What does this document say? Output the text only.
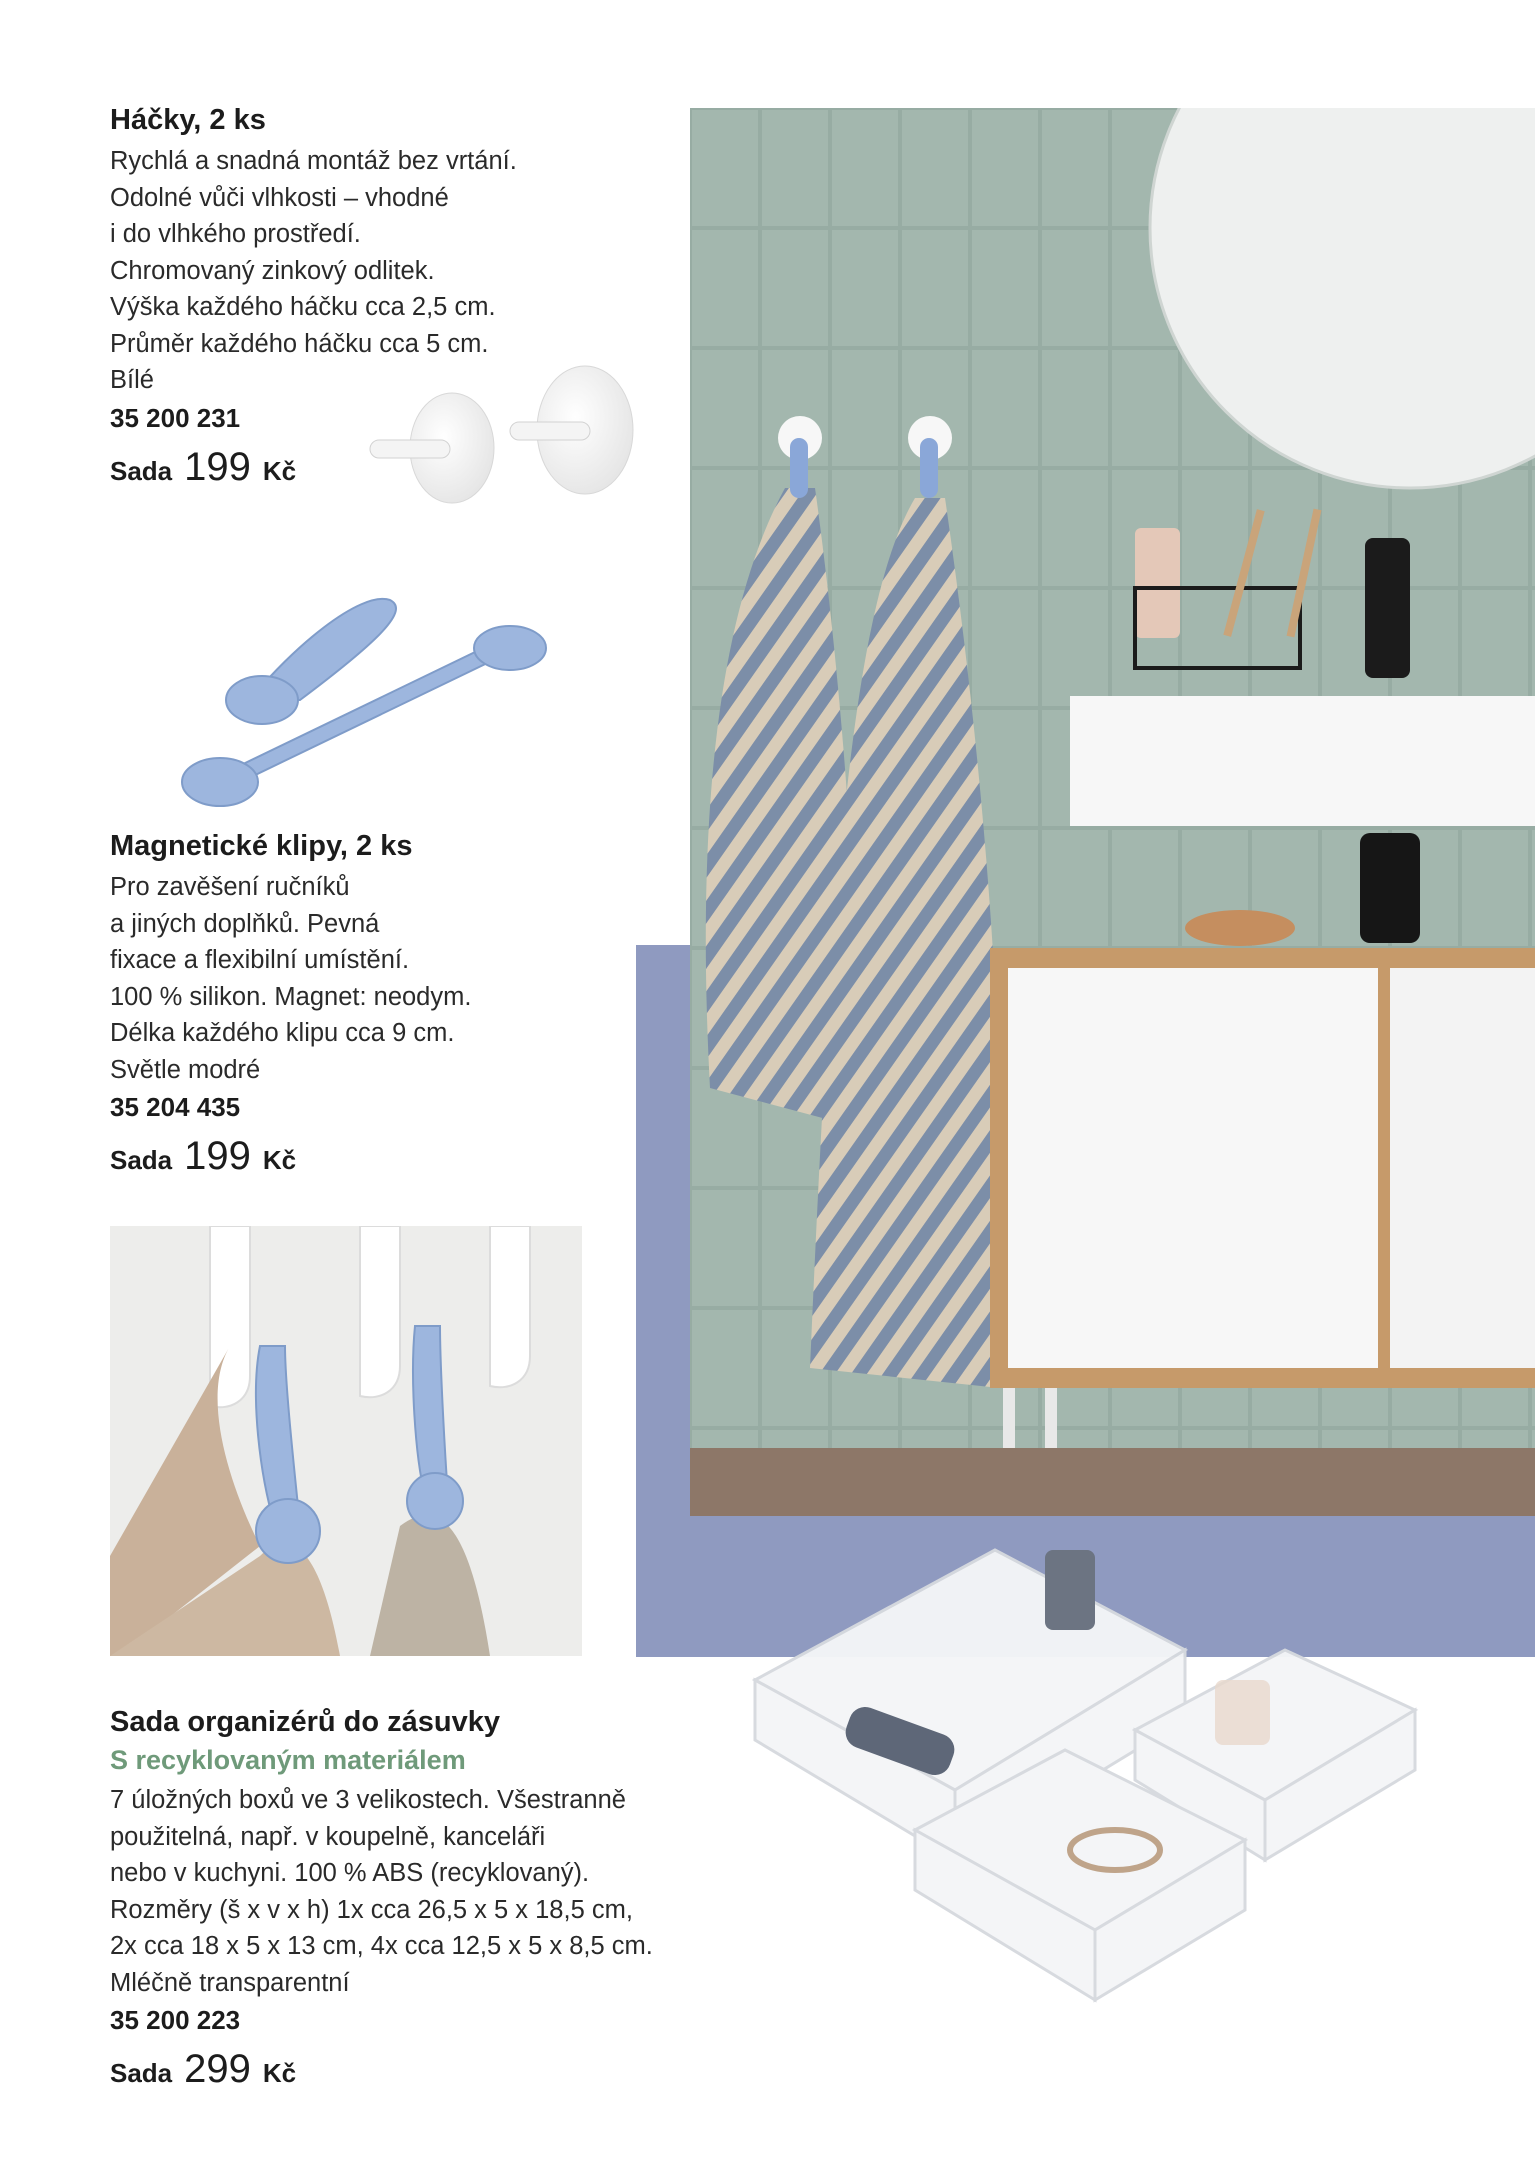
Háčky, 2 ks
Rychlá a snadná montáž bez vrtání.
Odolné vůči vlhkosti – vhodné
i do vlhkého prostředí.
Chromovaný zinkový odlitek.
Výška každého háčku cca 2,5 cm.
Průměr každého háčku cca 5 cm.
Bílé
35 200 231
Sada 199 Kč
Magnetické klipy, 2 ks
Pro zavěšení ručníků
a jiných doplňků. Pevná
fixace a flexibilní umístění.
100 % silikon. Magnet: neodym.
Délka každého klipu cca 9 cm.
Světle modré
35 204 435
Sada 199 Kč
Sada organizérů do zásuvky
S recyklovaným materiálem
7 úložných boxů ve 3 velikostech. Všestranně
použitelná, např. v koupelně, kanceláři
nebo v kuchyni. 100 % ABS (recyklovaný).
Rozměry (š x v x h) 1x cca 26,5 x 5 x 18,5 cm,
2x cca 18 x 5 x 13 cm, 4x cca 12,5 x 5 x 8,5 cm.
Mléčně transparentní
35 200 223
Sada 299 Kč
